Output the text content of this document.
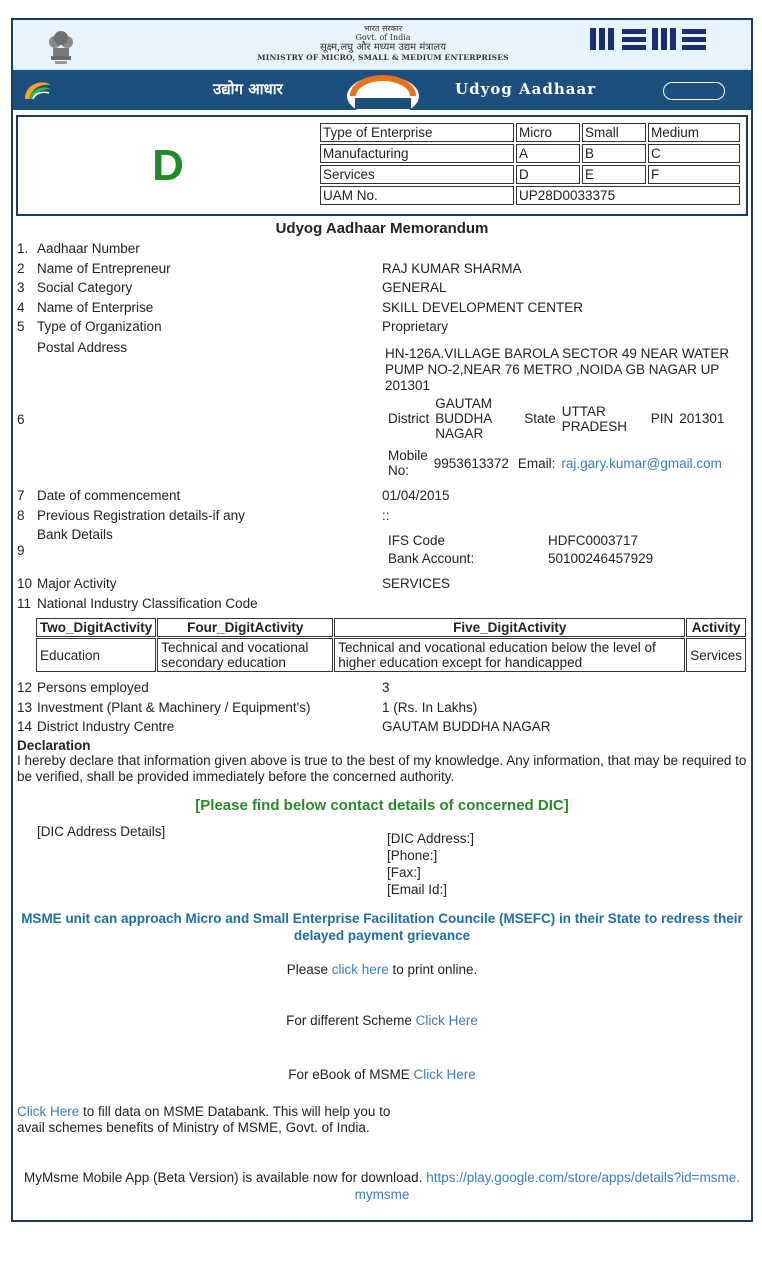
भारत सरकार
Govt. of India
सूक्ष्म,लघु और मध्यम उद्यम मंत्रालय
MINISTRY OF MICRO, SMALL & MEDIUM ENTERPRISES
उद्योग आधार	Udyog Aadhaar
D
Type of Enterprise	Micro	Small	Medium
Manufacturing	A	B	C
Services	D	E	F
UAM No.	UP28D0033375		
Udyog Aadhaar Memorandum
1. Aadhaar Number
2 Name of Entrepreneur	RAJ KUMAR SHARMA
3 Social Category	GENERAL
4 Name of Enterprise	SKILL DEVELOPMENT CENTER
5 Type of Organization	Proprietary
Postal Address
6
HN-126A.VILLAGE BAROLA SECTOR 49 NEAR WATER PUMP NO-2,NEAR 76 METRO ,NOIDA GB NAGAR UP 201301
District	GAUTAM BUDDHA NAGAR	State	UTTAR PRADESH	PIN	201301
Mobile No:	9953613372	Email:	raj.gary.kumar@gmail.com
7 Date of commencement	01/04/2015
8 Previous Registration details-if any	::
Bank Details
9
IFS Code	HDFC0003717
Bank Account:	50100246457929
10 Major Activity	SERVICES
11 National Industry Classification Code
Two_DigitActivity	Four_DigitActivity	Five_DigitActivity	Activity
Education	Technical and vocational secondary education	Technical and vocational education below the level of higher education except for handicapped	Services
12 Persons employed	3
13 Investment (Plant & Machinery / Equipment's)	1 (Rs. In Lakhs)
14 District Industry Centre	GAUTAM BUDDHA NAGAR
Declaration
I hereby declare that information given above is true to the best of my knowledge. Any information, that may be required to be verified, shall be provided immediately before the concerned authority.
[Please find below contact details of concerned DIC]
[DIC Address Details]	[DIC Address:]
[Phone:]
[Fax:]
[Email Id:]
MSME unit can approach Micro and Small Enterprise Facilitation Councile (MSEFC) in their State to redress their delayed payment grievance
Please click here to print online.
For different Scheme Click Here
For eBook of MSME Click Here
Click Here to fill data on MSME Databank. This will help you to avail schemes benefits of Ministry of MSME, Govt. of India.
MyMsme Mobile App (Beta Version) is available now for download. https://play.google.com/store/apps/details?id=msme.mymsme
